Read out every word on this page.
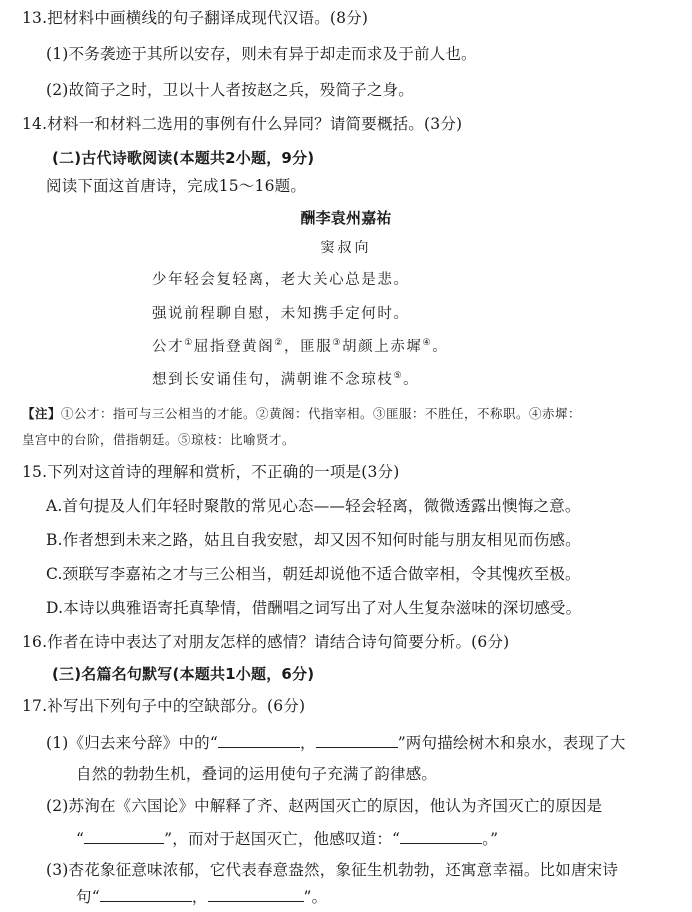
13.把材料中画横线的句子翻译成现代汉语。(8分)
(1)不务袭迹于其所以安存，则未有异于却走而求及于前人也。
(2)故简子之时，卫以十人者按赵之兵，殁简子之身。
14.材料一和材料二选用的事例有什么异同？请简要概括。(3分)
(二)古代诗歌阅读(本题共2小题，9分)
阅读下面这首唐诗，完成15～16题。
酬李袁州嘉祐
窦叔向
少年轻会复轻离，老大关心总是悲。
强说前程聊自慰，未知携手定何时。
公才①屈指登黄阁②，匪服③胡颜上赤墀④。
想到长安诵佳句，满朝谁不念琼枝⑤。
【注】①公才：指可与三公相当的才能。②黄阁：代指宰相。③匪服：不胜任，不称职。④赤墀：
皇宫中的台阶，借指朝廷。⑤琼枝：比喻贤才。
15.下列对这首诗的理解和赏析，不正确的一项是(3分)
A.首句提及人们年轻时聚散的常见心态——轻会轻离，微微透露出懊悔之意。
B.作者想到未来之路，姑且自我安慰，却又因不知何时能与朋友相见而伤感。
C.颈联写李嘉祐之才与三公相当，朝廷却说他不适合做宰相，令其愧疚至极。
D.本诗以典雅语寄托真挚情，借酬唱之词写出了对人生复杂滋味的深切感受。
16.作者在诗中表达了对朋友怎样的感情？请结合诗句简要分析。(6分)
(三)名篇名句默写(本题共1小题，6分)
17.补写出下列句子中的空缺部分。(6分)
(1)《归去来兮辞》中的“	，	”两句描绘树木和泉水，表现了大
自然的勃勃生机，叠词的运用使句子充满了韵律感。
(2)苏洵在《六国论》中解释了齐、赵两国灭亡的原因，他认为齐国灭亡的原因是
“	”，而对于赵国灭亡，他感叹道：“	。”
(3)杏花象征意味浓郁，它代表春意盎然，象征生机勃勃，还寓意幸福。比如唐宋诗
句“	，	”。
